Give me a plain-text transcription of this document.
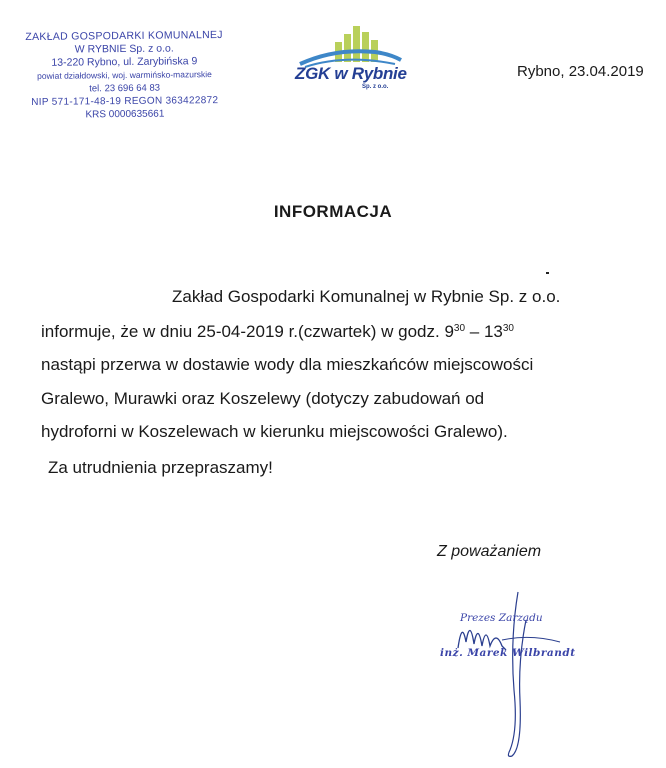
ZAKŁAD GOSPODARKI KOMUNALNEJ
W RYBNIE Sp. z o.o.
13-220 Rybno, ul. Zarybińska 9
powiat działdowski, woj. warmińsko-mazurskie
tel. 23 696 64 83
NIP 571-171-48-19 REGON 363422872
KRS 0000635661
ZGK w Rybnie
Sp. z o.o.
Rybno, 23.04.2019
INFORMACJA
Zakład Gospodarki Komunalnej w Rybnie Sp. z o.o.
informuje, że w dniu 25-04-2019 r.(czwartek) w godz. $9^{30} - 13^{30}$
nastąpi przerwa w dostawie wody dla mieszkańców miejscowości
Gralewo, Murawki oraz Koszelewy (dotyczy zabudowań od
hydroforni w Koszelewach w kierunku miejscowości Gralewo).
Za utrudnienia przepraszamy!
Z poważaniem
Prezes Zarządu
inż. Marek Wilbrandt
